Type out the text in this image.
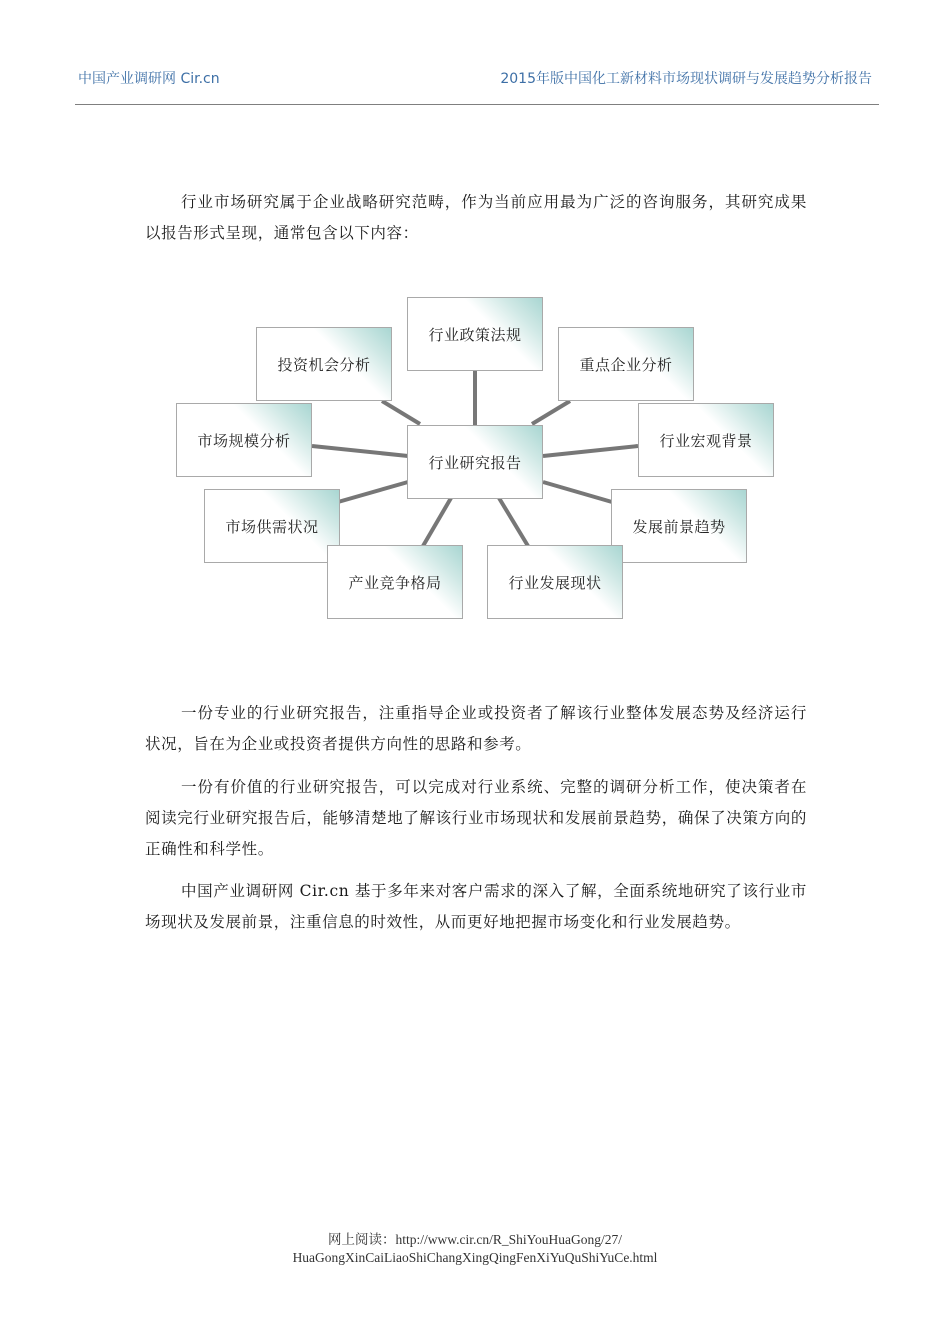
中国产业调研网 Cir.cn	2015年版中国化工新材料市场现状调研与发展趋势分析报告
行业市场研究属于企业战略研究范畴，作为当前应用最为广泛的咨询服务，其研究成果以报告形式呈现，通常包含以下内容：
行业政策法规
投资机会分析	重点企业分析
市场规模分析	行业宏观背景
行业研究报告
市场供需状况	发展前景趋势
产业竞争格局	行业发展现状
一份专业的行业研究报告，注重指导企业或投资者了解该行业整体发展态势及经济运行状况，旨在为企业或投资者提供方向性的思路和参考。
一份有价值的行业研究报告，可以完成对行业系统、完整的调研分析工作，使决策者在阅读完行业研究报告后，能够清楚地了解该行业市场现状和发展前景趋势，确保了决策方向的正确性和科学性。
中国产业调研网 Cir.cn 基于多年来对客户需求的深入了解，全面系统地研究了该行业市场现状及发展前景，注重信息的时效性，从而更好地把握市场变化和行业发展趋势。
网上阅读：http://www.cir.cn/R_ShiYouHuaGong/27/
HuaGongXinCaiLiaoShiChangXingQingFenXiYuQuShiYuCe.html
